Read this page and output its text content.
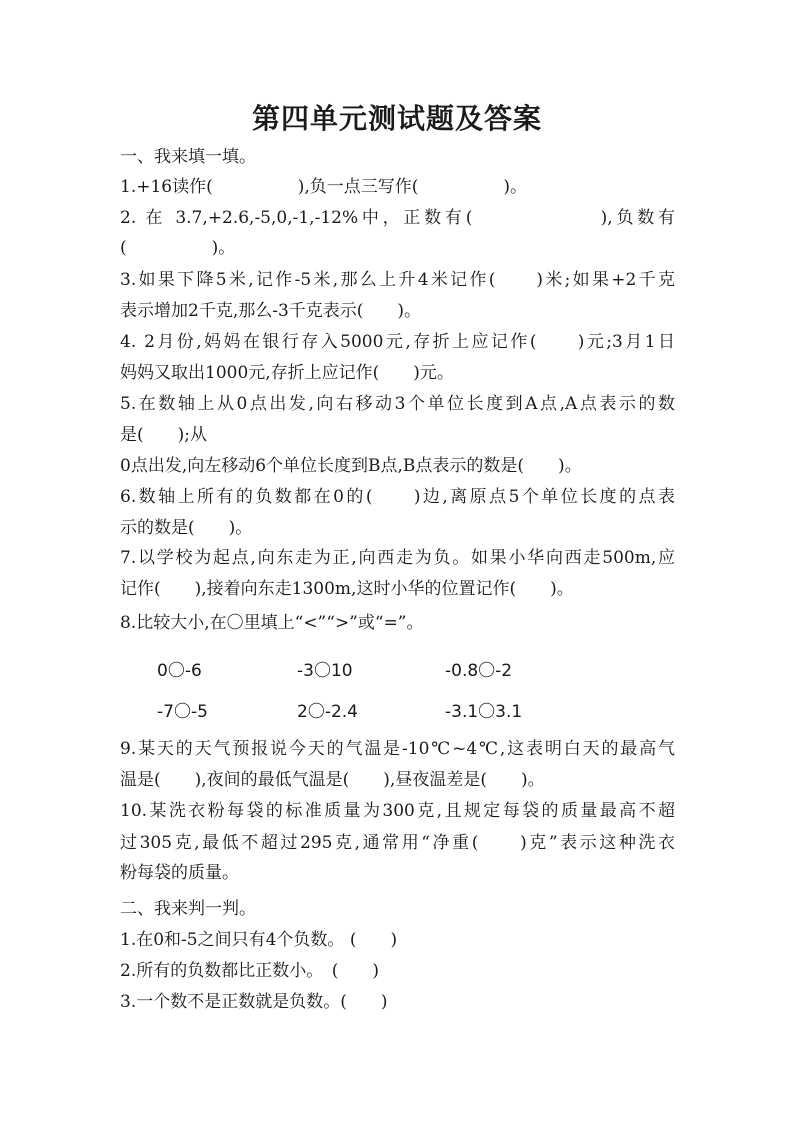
第四单元测试题及答案
一、我来填一填。
1.+16读作(　　　　　),负一点三写作(　　　　　)。
2. 在 3.7,+2.6,-5,0,-1,-12%中，正数有(　　　　　　),负数有
(　　　　　)。
3.如果下降5米,记作-5米,那么上升4米记作(　　)米;如果+2千克
表示增加2千克,那么-3千克表示(　　)。
4. 2月份,妈妈在银行存入5000元,存折上应记作(　　)元;3月1日
妈妈又取出1000元,存折上应记作(　　)元。
5.在数轴上从0点出发,向右移动3个单位长度到A点,A点表示的数
是(　　);从
0点出发,向左移动6个单位长度到B点,B点表示的数是(　　)。
6.数轴上所有的负数都在0的(　　)边,离原点5个单位长度的点表
示的数是(　　)。
7.以学校为起点,向东走为正,向西走为负。如果小华向西走500m,应
记作(　　),接着向东走1300m,这时小华的位置记作(　　)。
8.比较大小,在〇里填上“<”“>”或“=”。
0〇-6	-3〇10	-0.8〇-2
-7〇-5	2〇-2.4	-3.1〇3.1
9.某天的天气预报说今天的气温是-10℃~4℃,这表明白天的最高气
温是(　　),夜间的最低气温是(　　),昼夜温差是(　　)。
10.某洗衣粉每袋的标准质量为300克,且规定每袋的质量最高不超
过305克,最低不超过295克,通常用“净重(　　)克”表示这种洗衣
粉每袋的质量。
二、我来判一判。
1.在0和-5之间只有4个负数。 (　　)
2.所有的负数都比正数小。　(　　)
3.一个数不是正数就是负数。(　　)
